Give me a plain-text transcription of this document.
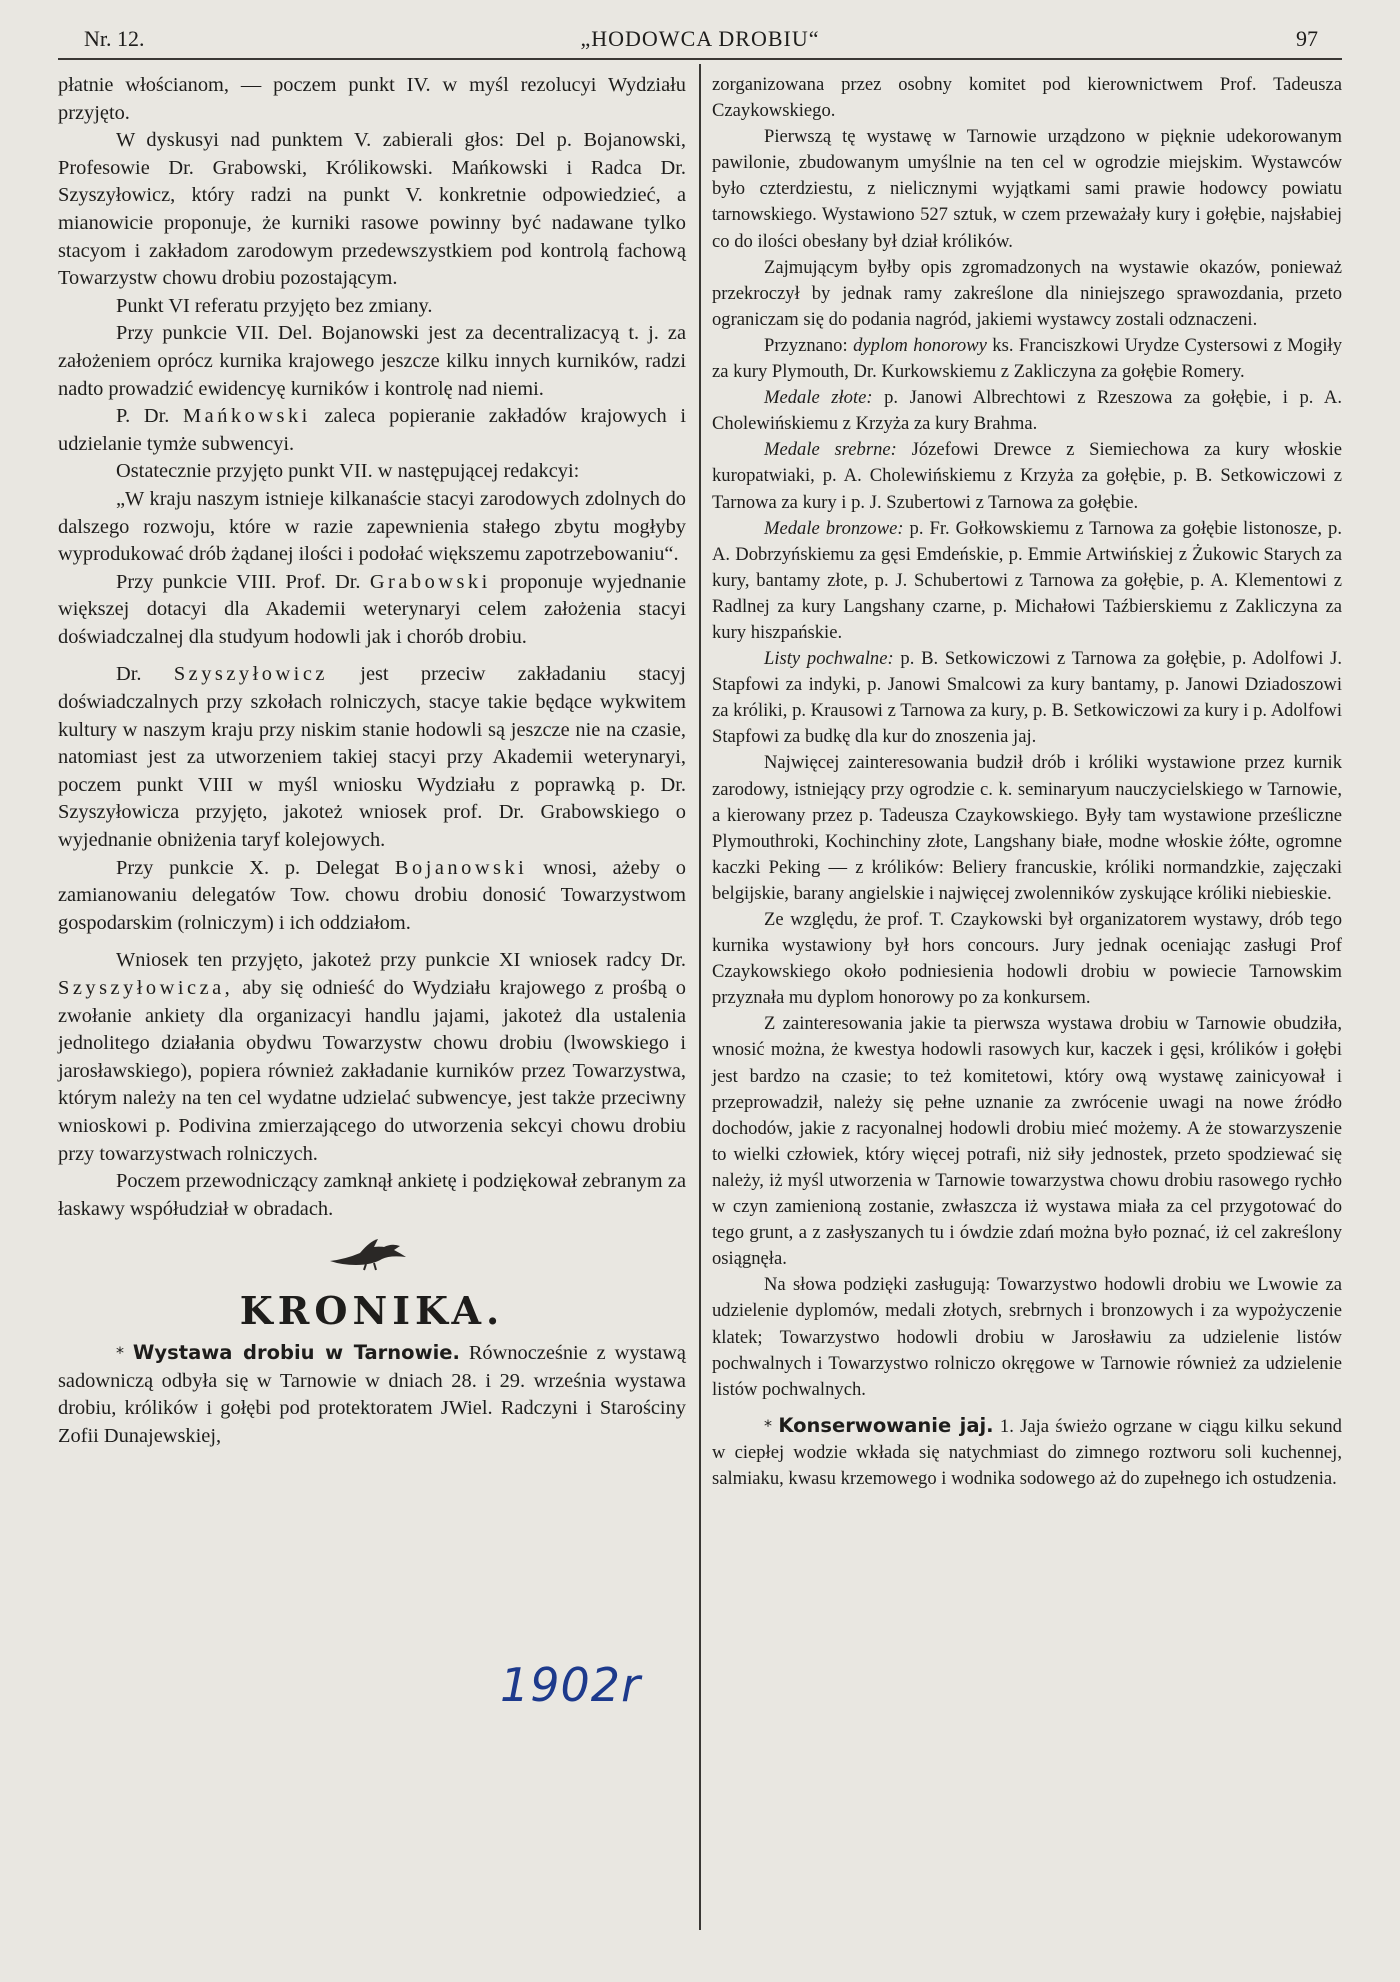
Nr. 12.	„HODOWCA DROBIU“	97

płatnie włościanom, — poczem punkt IV. w myśl rezolucyi Wydziału przyjęto.

W dyskusyi nad punktem V. zabierali głos: Del p. Bojanowski, Profesowie Dr. Grabowski, Królikowski. Mańkowski i Radca Dr. Szyszyłowicz, który radzi na punkt V. konkretnie odpowiedzieć, a mianowicie proponuje, że kurniki rasowe powinny być nadawane tylko stacyom i zakładom zarodowym przedewszystkiem pod kontrolą fachową Towarzystw chowu drobiu pozostającym.

Punkt VI referatu przyjęto bez zmiany.

Przy punkcie VII. Del. Bojanowski jest za decentralizacyą t. j. za założeniem oprócz kurnika krajowego jeszcze kilku innych kurników, radzi nadto prowadzić ewidencyę kurników i kontrolę nad niemi.

P. Dr. Mańkowski zaleca popieranie zakładów krajowych i udzielanie tymże subwencyi.

Ostatecznie przyjęto punkt VII. w następującej redakcyi:

„W kraju naszym istnieje kilkanaście stacyi zarodowych zdolnych do dalszego rozwoju, które w razie zapewnienia stałego zbytu mogłyby wyprodukować drób żądanej ilości i podołać większemu zapotrzebowaniu“.

Przy punkcie VIII. Prof. Dr. Grabowski proponuje wyjednanie większej dotacyi dla Akademii weterynaryi celem założenia stacyi doświadczalnej dla studyum hodowli jak i chorób drobiu.

Dr. Szyszyłowicz jest przeciw zakładaniu stacyj doświadczalnych przy szkołach rolniczych, stacye takie będące wykwitem kultury w naszym kraju przy niskim stanie hodowli są jeszcze nie na czasie, natomiast jest za utworzeniem takiej stacyi przy Akademii weterynaryi, poczem punkt VIII w myśl wniosku Wydziału z poprawką p. Dr. Szyszyłowicza przyjęto, jakoteż wniosek prof. Dr. Grabowskiego o wyjednanie obniżenia taryf kolejowych.

Przy punkcie X. p. Delegat Bojanowski wnosi, ażeby o zamianowaniu delegatów Tow. chowu drobiu donosić Towarzystwom gospodarskim (rolniczym) i ich oddziałom.

Wniosek ten przyjęto, jakoteż przy punkcie XI wniosek radcy Dr. Szyszyłowicza, aby się odnieść do Wydziału krajowego z prośbą o zwołanie ankiety dla organizacyi handlu jajami, jakoteż dla ustalenia jednolitego działania obydwu Towarzystw chowu drobiu (lwowskiego i jarosławskiego), popiera również zakładanie kurników przez Towarzystwa, którym należy na ten cel wydatne udzielać subwencye, jest także przeciwny wnioskowi p. Podivina zmierzającego do utworzenia sekcyi chowu drobiu przy towarzystwach rolniczych.

Poczem przewodniczący zamknął ankietę i podziękował zebranym za łaskawy współudział w obradach.

KRONIKA.

* Wystawa drobiu w Tarnowie. Równocześnie z wystawą sadowniczą odbyła się w Tarnowie w dniach 28. i 29. września wystawa drobiu, królików i gołębi pod protektoratem JWiel. Radczyni i Starościny Zofii Dunajewskiej,

1902r

zorganizowana przez osobny komitet pod kierownictwem Prof. Tadeusza Czaykowskiego.

Pierwszą tę wystawę w Tarnowie urządzono w pięknie udekorowanym pawilonie, zbudowanym umyślnie na ten cel w ogrodzie miejskim. Wystawców było czterdziestu, z nielicznymi wyjątkami sami prawie hodowcy powiatu tarnowskiego. Wystawiono 527 sztuk, w czem przeważały kury i gołębie, najsłabiej co do ilości obesłany był dział królików.

Zajmującym byłby opis zgromadzonych na wystawie okazów, ponieważ przekroczył by jednak ramy zakreślone dla niniejszego sprawozdania, przeto ograniczam się do podania nagród, jakiemi wystawcy zostali odznaczeni.

Przyznano: dyplom honorowy ks. Franciszkowi Urydze Cystersowi z Mogiły za kury Plymouth, Dr. Kurkowskiemu z Zakliczyna za gołębie Romery.

Medale złote: p. Janowi Albrechtowi z Rzeszowa za gołębie, i p. A. Cholewińskiemu z Krzyża za kury Brahma.

Medale srebrne: Józefowi Drewce z Siemiechowa za kury włoskie kuropatwiaki, p. A. Cholewińskiemu z Krzyża za gołębie, p. B. Setkowiczowi z Tarnowa za kury i p. J. Szubertowi z Tarnowa za gołębie.

Medale bronzowe: p. Fr. Gołkowskiemu z Tarnowa za gołębie listonosze, p. A. Dobrzyńskiemu za gęsi Emdeńskie, p. Emmie Artwińskiej z Żukowic Starych za kury, bantamy złote, p. J. Schubertowi z Tarnowa za gołębie, p. A. Klementowi z Radlnej za kury Langshany czarne, p. Michałowi Taźbierskiemu z Zakliczyna za kury hiszpańskie.

Listy pochwalne: p. B. Setkowiczowi z Tarnowa za gołębie, p. Adolfowi J. Stapfowi za indyki, p. Janowi Smalcowi za kury bantamy, p. Janowi Dziadoszowi za króliki, p. Krausowi z Tarnowa za kury, p. B. Setkowiczowi za kury i p. Adolfowi Stapfowi za budkę dla kur do znoszenia jaj.

Najwięcej zainteresowania budził drób i króliki wystawione przez kurnik zarodowy, istniejący przy ogrodzie c. k. seminaryum nauczycielskiego w Tarnowie, a kierowany przez p. Tadeusza Czaykowskiego. Były tam wystawione prześliczne Plymouthroki, Kochinchiny złote, Langshany białe, modne włoskie żółte, ogromne kaczki Peking — z królików: Beliery francuskie, króliki normandzkie, zajęczaki belgijskie, barany angielskie i najwięcej zwolenników zyskujące króliki niebieskie.

Ze względu, że prof. T. Czaykowski był organizatorem wystawy, drób tego kurnika wystawiony był hors concours. Jury jednak oceniając zasługi Prof Czaykowskiego około podniesienia hodowli drobiu w powiecie Tarnowskim przyznała mu dyplom honorowy po za konkursem.

Z zainteresowania jakie ta pierwsza wystawa drobiu w Tarnowie obudziła, wnosić można, że kwestya hodowli rasowych kur, kaczek i gęsi, królików i gołębi jest bardzo na czasie; to też komitetowi, który ową wystawę zainicyował i przeprowadził, należy się pełne uznanie za zwrócenie uwagi na nowe źródło dochodów, jakie z racyonalnej hodowli drobiu mieć możemy. A że stowarzyszenie to wielki człowiek, który więcej potrafi, niż siły jednostek, przeto spodziewać się należy, iż myśl utworzenia w Tarnowie towarzystwa chowu drobiu rasowego rychło w czyn zamienioną zostanie, zwłaszcza iż wystawa miała za cel przygotować do tego grunt, a z zasłyszanych tu i ówdzie zdań można było poznać, iż cel zakreślony osiągnęła.

Na słowa podzięki zasługują: Towarzystwo hodowli drobiu we Lwowie za udzielenie dyplomów, medali złotych, srebrnych i bronzowych i za wypożyczenie klatek; Towarzystwo hodowli drobiu w Jarosławiu za udzielenie listów pochwalnych i Towarzystwo rolniczo okręgowe w Tarnowie również za udzielenie listów pochwalnych.

* Konserwowanie jaj. 1. Jaja świeżo ogrzane w ciągu kilku sekund w ciepłej wodzie wkłada się natychmiast do zimnego roztworu soli kuchennej, salmiaku, kwasu krzemowego i wodnika sodowego aż do zupełnego ich ostudzenia.
